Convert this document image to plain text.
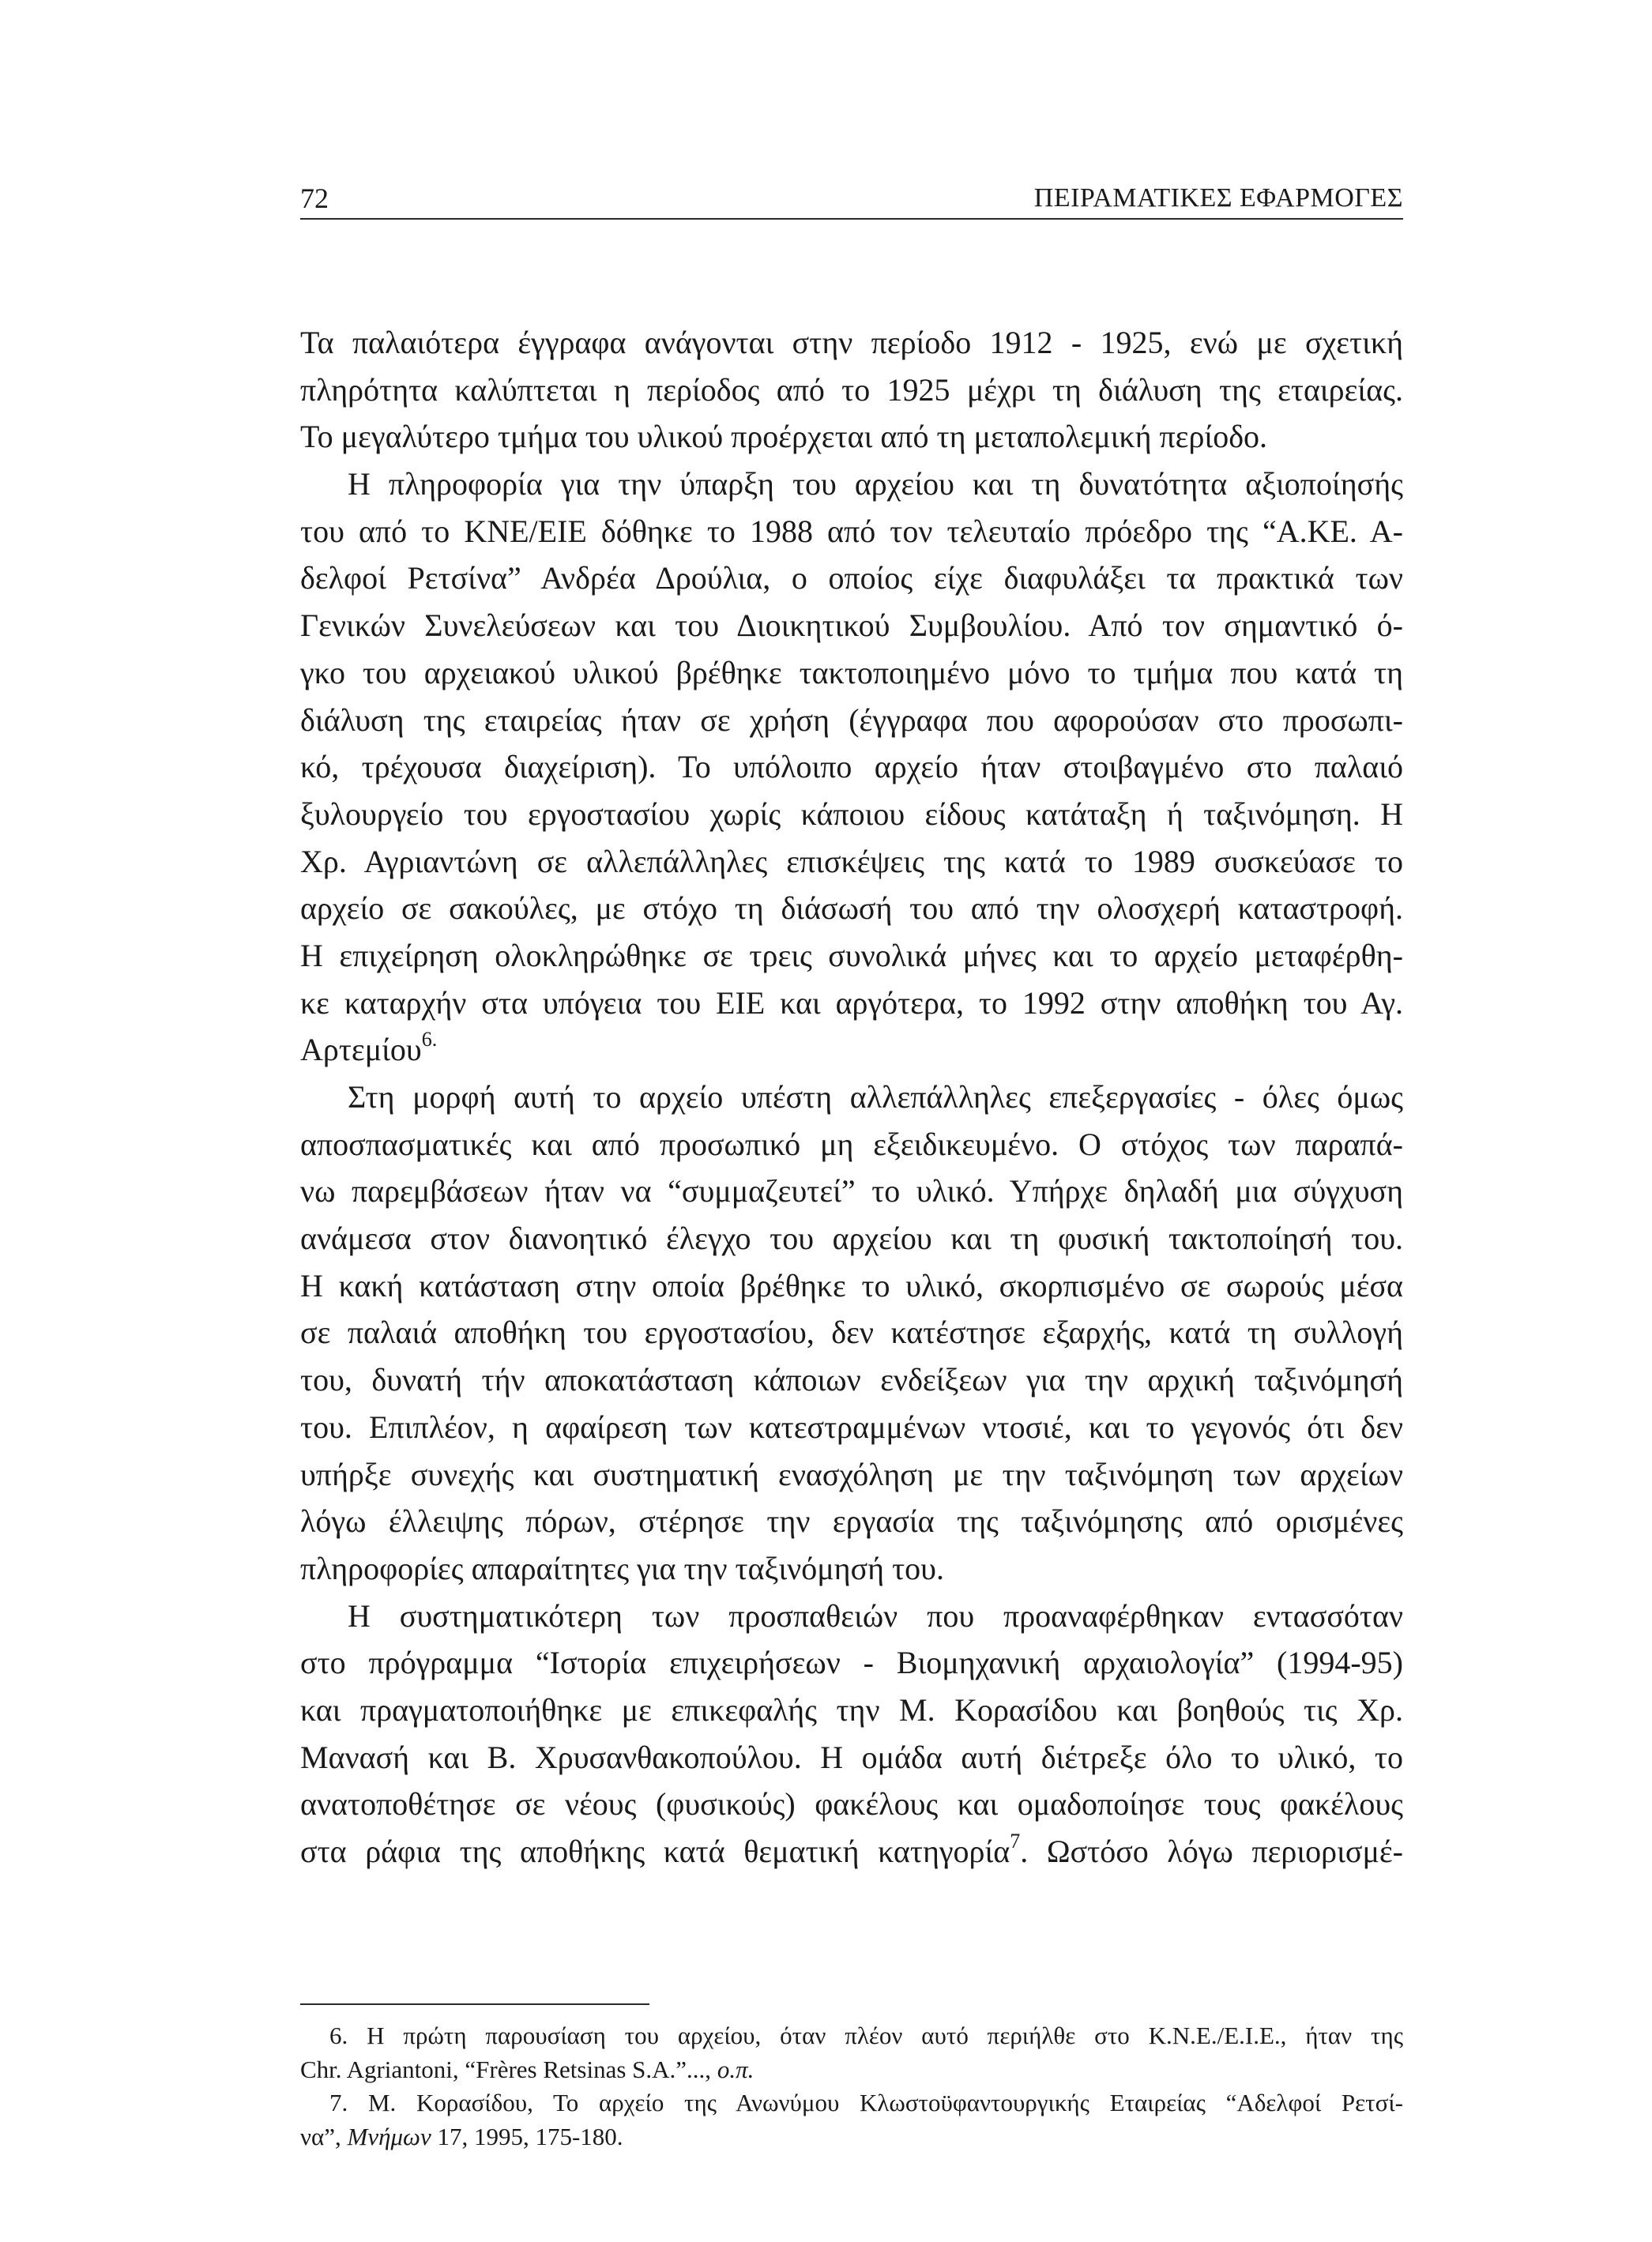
72	ΠΕΙΡΑΜΑΤΙΚΕΣ ΕΦΑΡΜΟΓΕΣ
Τα παλαιότερα έγγραφα ανάγονται στην περίοδο 1912 - 1925, ενώ με σχετική
πληρότητα καλύπτεται η περίοδος από το 1925 μέχρι τη διάλυση της εταιρείας.
Το μεγαλύτερο τμήμα του υλικού προέρχεται από τη μεταπολεμική περίοδο.
Η πληροφορία για την ύπαρξη του αρχείου και τη δυνατότητα αξιοποίησής
του από το ΚΝΕ/ΕΙΕ δόθηκε το 1988 από τον τελευταίο πρόεδρο της “Α.ΚΕ. Α-
δελφοί Ρετσίνα” Ανδρέα Δρούλια, ο οποίος είχε διαφυλάξει τα πρακτικά των
Γενικών Συνελεύσεων και του Διοικητικού Συμβουλίου. Από τον σημαντικό ό-
γκο του αρχειακού υλικού βρέθηκε τακτοποιημένο μόνο το τμήμα που κατά τη
διάλυση της εταιρείας ήταν σε χρήση (έγγραφα που αφορούσαν στο προσωπι-
κό, τρέχουσα διαχείριση). Το υπόλοιπο αρχείο ήταν στοιβαγμένο στο παλαιό
ξυλουργείο του εργοστασίου χωρίς κάποιου είδους κατάταξη ή ταξινόμηση. Η
Χρ. Αγριαντώνη σε αλλεπάλληλες επισκέψεις της κατά το 1989 συσκεύασε το
αρχείο σε σακούλες, με στόχο τη διάσωσή του από την ολοσχερή καταστροφή.
Η επιχείρηση ολοκληρώθηκε σε τρεις συνολικά μήνες και το αρχείο μεταφέρθη-
κε καταρχήν στα υπόγεια του ΕΙΕ και αργότερα, το 1992 στην αποθήκη του Αγ.
Αρτεμίου$^{6.}$
Στη μορφή αυτή το αρχείο υπέστη αλλεπάλληλες επεξεργασίες - όλες όμως
αποσπασματικές και από προσωπικό μη εξειδικευμένο. Ο στόχος των παραπά-
νω παρεμβάσεων ήταν να “συμμαζευτεί” το υλικό. Υπήρχε δηλαδή μια σύγχυση
ανάμεσα στον διανοητικό έλεγχο του αρχείου και τη φυσική τακτοποίησή του.
Η κακή κατάσταση στην οποία βρέθηκε το υλικό, σκορπισμένο σε σωρούς μέσα
σε παλαιά αποθήκη του εργοστασίου, δεν κατέστησε εξαρχής, κατά τη συλλογή
του, δυνατή τήν αποκατάσταση κάποιων ενδείξεων για την αρχική ταξινόμησή
του. Επιπλέον, η αφαίρεση των κατεστραμμένων ντοσιέ, και το γεγονός ότι δεν
υπήρξε συνεχής και συστηματική ενασχόληση με την ταξινόμηση των αρχείων
λόγω έλλειψης πόρων, στέρησε την εργασία της ταξινόμησης από ορισμένες
πληροφορίες απαραίτητες για την ταξινόμησή του.
Η συστηματικότερη των προσπαθειών που προαναφέρθηκαν εντασσόταν
στο πρόγραμμα “Ιστορία επιχειρήσεων - Βιομηχανική αρχαιολογία” (1994-95)
και πραγματοποιήθηκε με επικεφαλής την Μ. Κορασίδου και βοηθούς τις Χρ.
Μανασή και Β. Χρυσανθακοπούλου. Η ομάδα αυτή διέτρεξε όλο το υλικό, το
ανατοποθέτησε σε νέους (φυσικούς) φακέλους και ομαδοποίησε τους φακέλους
στα ράφια της αποθήκης κατά θεματική κατηγορία$^7$. Ωστόσο λόγω περιορισμέ-
6. Η πρώτη παρουσίαση του αρχείου, όταν πλέον αυτό περιήλθε στο Κ.Ν.Ε./Ε.Ι.Ε., ήταν της
Chr. Agriantoni, “Frères Retsinas S.A.”..., ο.π.
7. Μ. Κορασίδου, Το αρχείο της Ανωνύμου Κλωστοϋφαντουργικής Εταιρείας “Αδελφοί Ρετσί-
να”, Μνήμων 17, 1995, 175-180.
